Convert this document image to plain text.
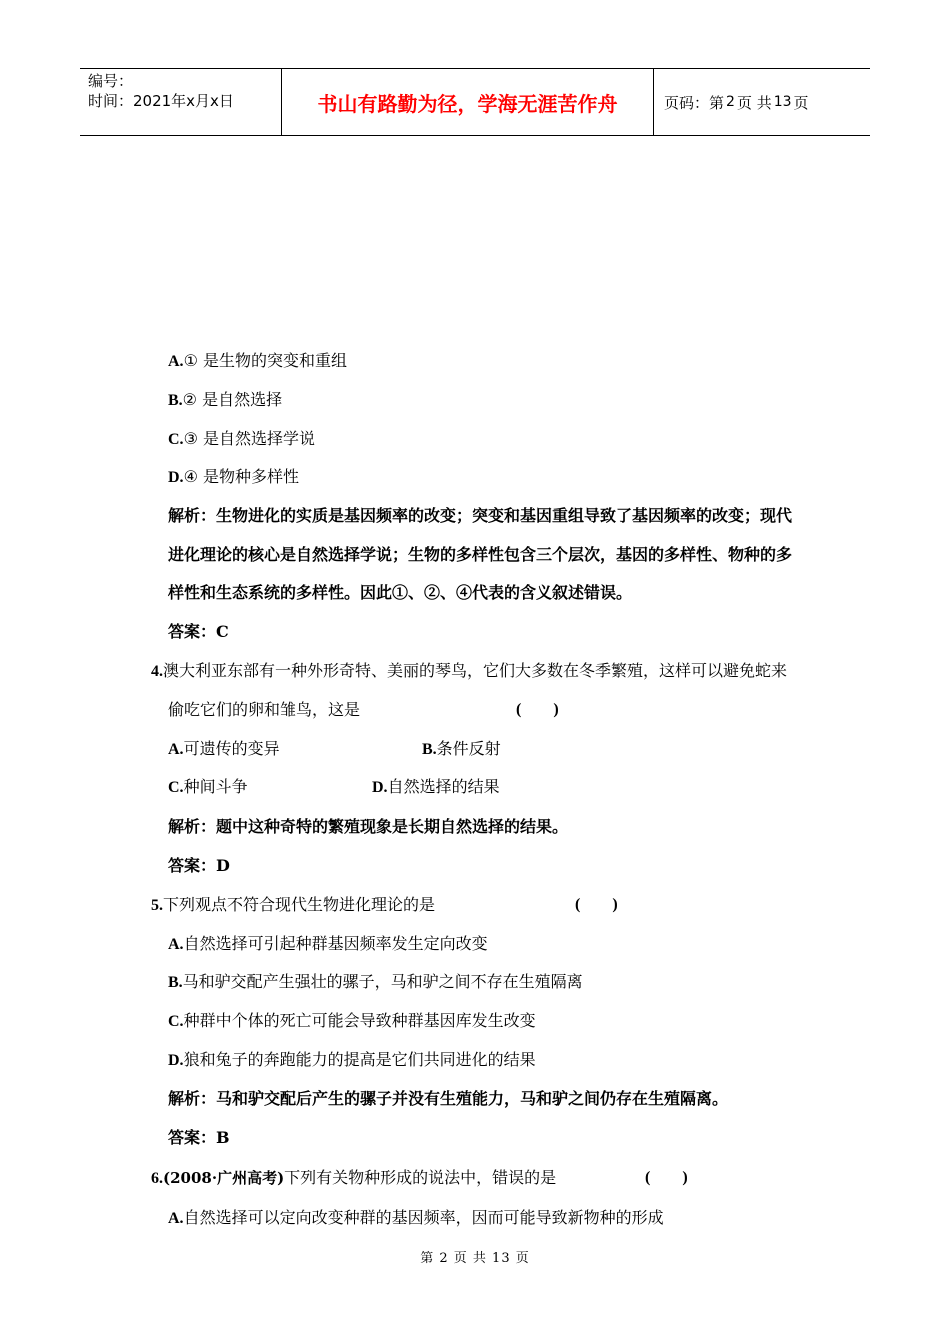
编号：
时间：2021年x月x日	书山有路勤为径，学海无涯苦作舟	页码：第 2 页 共 13 页
A.① 是生物的突变和重组
B.② 是自然选择
C.③ 是自然选择学说
D.④ 是物种多样性
解析：生物进化的实质是基因频率的改变；突变和基因重组导致了基因频率的改变；现代
进化理论的核心是自然选择学说；生物的多样性包含三个层次，基因的多样性、物种的多
样性和生态系统的多样性。因此①、②、④代表的含义叙述错误。
答案：C
4.澳大利亚东部有一种外形奇特、美丽的琴鸟，它们大多数在冬季繁殖，这样可以避免蛇来
偷吃它们的卵和雏鸟，这是	(　　)
A.可遗传的变异	B.条件反射
C.种间斗争	D.自然选择的结果
解析：题中这种奇特的繁殖现象是长期自然选择的结果。
答案：D
5.下列观点不符合现代生物进化理论的是	(　　)
A.自然选择可引起种群基因频率发生定向改变
B.马和驴交配产生强壮的骡子，马和驴之间不存在生殖隔离
C.种群中个体的死亡可能会导致种群基因库发生改变
D.狼和兔子的奔跑能力的提高是它们共同进化的结果
解析：马和驴交配后产生的骡子并没有生殖能力，马和驴之间仍存在生殖隔离。
答案：B
6.(2008·广州高考)下列有关物种形成的说法中，错误的是	(　　)
A.自然选择可以定向改变种群的基因频率，因而可能导致新物种的形成
第 2 页 共 13 页
